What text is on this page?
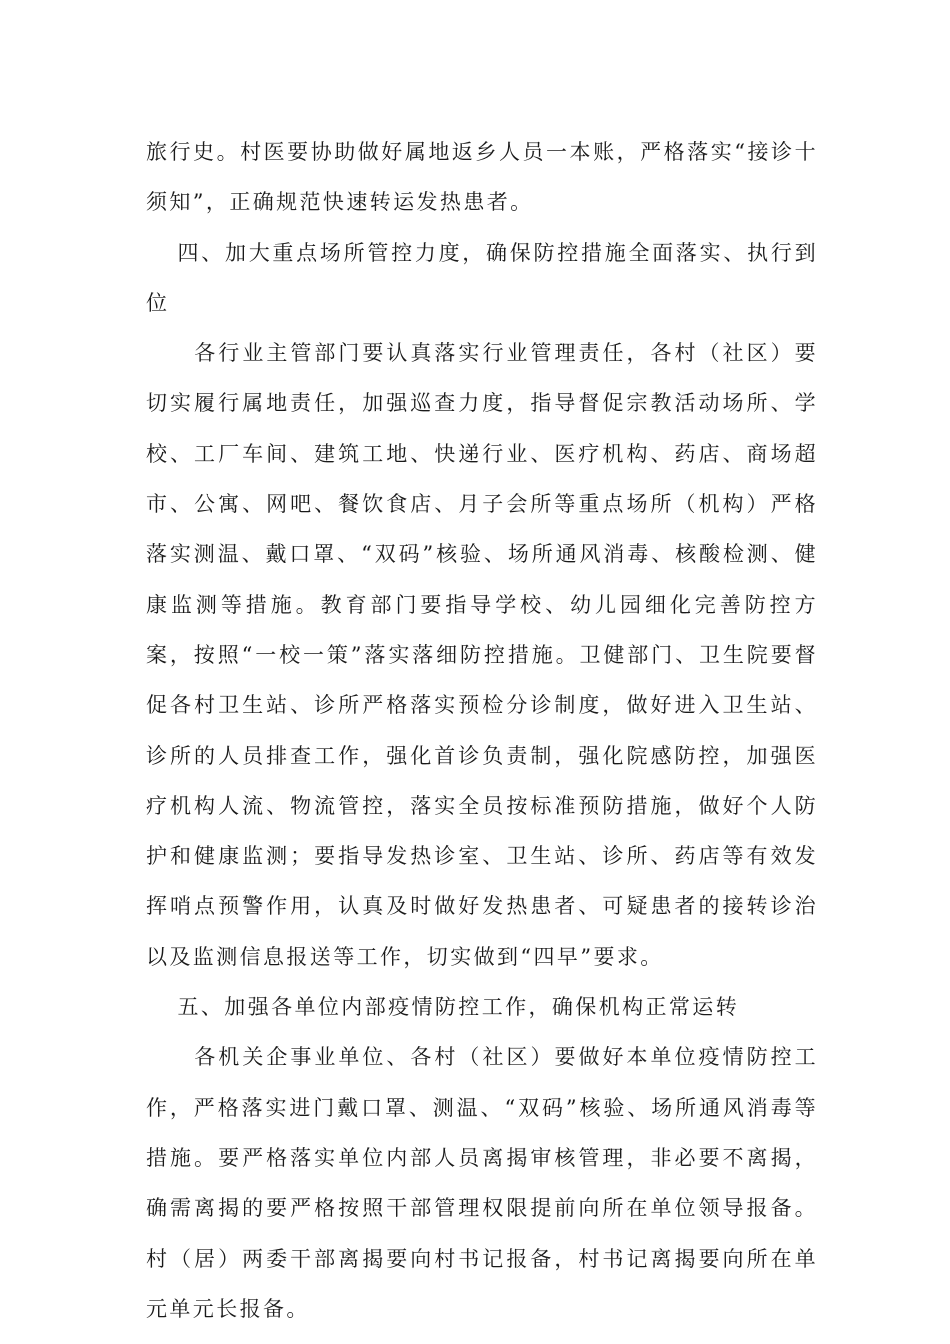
旅行史。村医要协助做好属地返乡人员一本账，严格落实“接诊十须知”，正确规范快速转运发热患者。

四、加大重点场所管控力度，确保防控措施全面落实、执行到位

各行业主管部门要认真落实行业管理责任，各村（社区）要切实履行属地责任，加强巡查力度，指导督促宗教活动场所、学校、工厂车间、建筑工地、快递行业、医疗机构、药店、商场超市、公寓、网吧、餐饮食店、月子会所等重点场所（机构）严格落实测温、戴口罩、“双码”核验、场所通风消毒、核酸检测、健康监测等措施。教育部门要指导学校、幼儿园细化完善防控方案，按照“一校一策”落实落细防控措施。卫健部门、卫生院要督促各村卫生站、诊所严格落实预检分诊制度，做好进入卫生站、诊所的人员排查工作，强化首诊负责制，强化院感防控，加强医疗机构人流、物流管控，落实全员按标准预防措施，做好个人防护和健康监测；要指导发热诊室、卫生站、诊所、药店等有效发挥哨点预警作用，认真及时做好发热患者、可疑患者的接转诊治以及监测信息报送等工作，切实做到“四早”要求。

五、加强各单位内部疫情防控工作，确保机构正常运转

各机关企事业单位、各村（社区）要做好本单位疫情防控工作，严格落实进门戴口罩、测温、“双码”核验、场所通风消毒等措施。要严格落实单位内部人员离揭审核管理，非必要不离揭，确需离揭的要严格按照干部管理权限提前向所在单位领导报备。村（居）两委干部离揭要向村书记报备，村书记离揭要向所在单元单元长报备。
